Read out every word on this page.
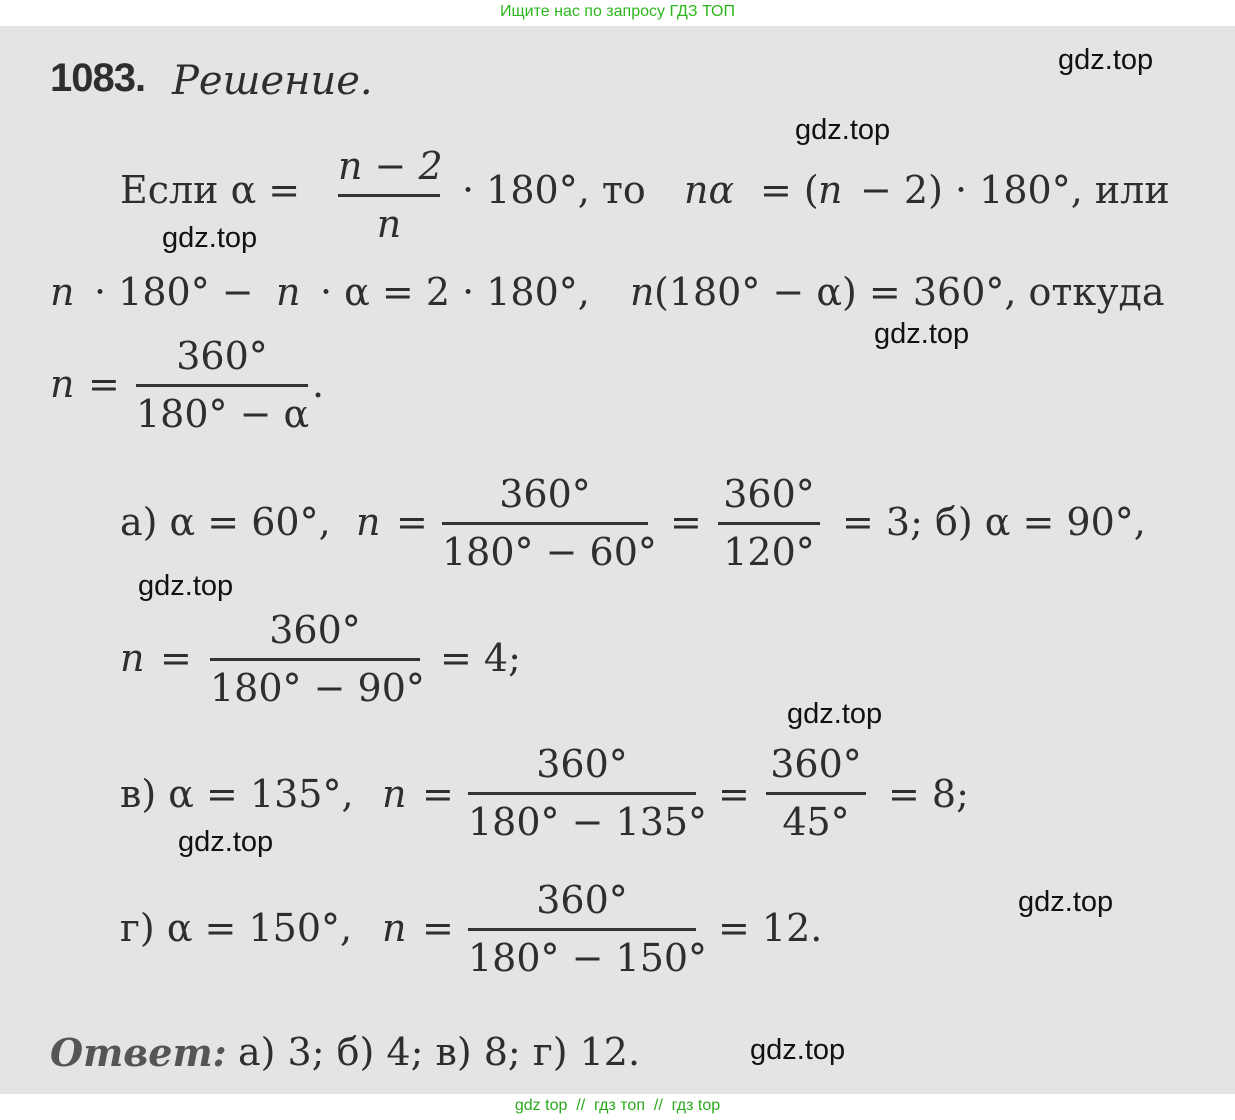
Ищите нас по запросу ГДЗ ТОП
gdz.top
gdz.top
gdz.top
gdz.top
gdz.top
gdz.top
gdz.top
gdz.top
gdz.top
1083. Решение.
Если α =
n − 2
n
· 180°, то nα = ( n − 2) · 180°, или
n · 180° − n · α = 2 · 180°, n (180° − α) = 360°, откуда
n =
360°
180° − α
.
а) α = 60°, n =
360°
180° − 60°
=
360°
120°
= 3; б) α = 90°,
n =
360°
180° − 90°
= 4;
в) α = 135°, n =
360°
180° − 135°
=
360°
45°
= 8;
г) α = 150°, n =
360°
180° − 150°
= 12.
Ответ: а) 3; б) 4; в) 8; г) 12.
gdz top  //  гдз топ  //  гдз top
